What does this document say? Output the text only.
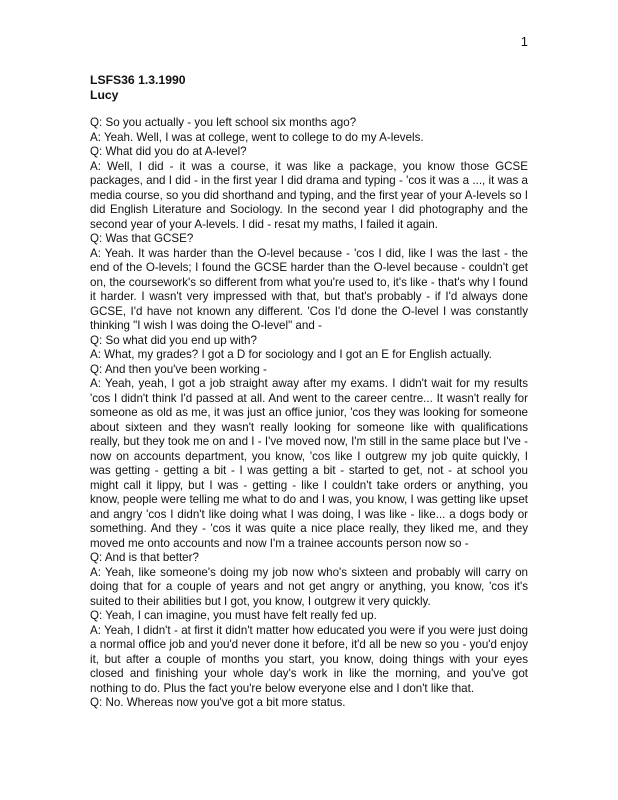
1
LSFS36 1.3.1990
Lucy

Q: So you actually - you left school six months ago?

A: Yeah. Well, I was at college, went to college to do my A-levels.

Q: What did you do at A-level?

A: Well, I did - it was a course, it was like a package, you know those GCSE packages, and I did - in the first year I did drama and typing - 'cos it was a ..., it was a media course, so you did shorthand and typing, and the first year of your A-levels so I did English Literature and Sociology. In the second year I did photography and the second year of your A-levels. I did - resat my maths, I failed it again.

Q: Was that GCSE?

A: Yeah. It was harder than the O-level because - 'cos I did, like I was the last - the end of the O-levels; I found the GCSE harder than the O-level because - couldn't get on, the coursework's so different from what you're used to, it's like - that's why I found it harder. I wasn't very impressed with that, but that's probably - if I'd always done GCSE, I'd have not known any different. 'Cos I'd done the O-level I was constantly thinking "I wish I was doing the O-level" and -

Q: So what did you end up with?

A: What, my grades? I got a D for sociology and I got an E for English actually.

Q: And then you've been working -

A: Yeah, yeah, I got a job straight away after my exams. I didn't wait for my results 'cos I didn't think I'd passed at all. And went to the career centre... It wasn't really for someone as old as me, it was just an office junior, 'cos they was looking for someone about sixteen and they wasn't really looking for someone like with qualifications really, but they took me on and I - I've moved now, I'm still in the same place but I've - now on accounts department, you know, 'cos like I outgrew my job quite quickly, I was getting - getting a bit - I was getting a bit - started to get, not - at school you might call it lippy, but I was - getting - like I couldn't take orders or anything, you know, people were telling me what to do and I was, you know, I was getting like upset and angry 'cos I didn't like doing what I was doing, I was like - like... a dogs body or something. And they - 'cos it was quite a nice place really, they liked me, and they moved me onto accounts and now I'm a trainee accounts person now so -

Q: And is that better?

A: Yeah, like someone's doing my job now who's sixteen and probably will carry on doing that for a couple of years and not get angry or anything, you know, 'cos it's suited to their abilities but I got, you know, I outgrew it very quickly.

Q: Yeah, I can imagine, you must have felt really fed up.

A: Yeah, I didn't - at first it didn't matter how educated you were if you were just doing a normal office job and you'd never done it before, it'd all be new so you - you'd enjoy it, but after a couple of months you start, you know, doing things with your eyes closed and finishing your whole day's work in like the morning, and you've got nothing to do. Plus the fact you're below everyone else and I don't like that.

Q: No. Whereas now you've got a bit more status.
